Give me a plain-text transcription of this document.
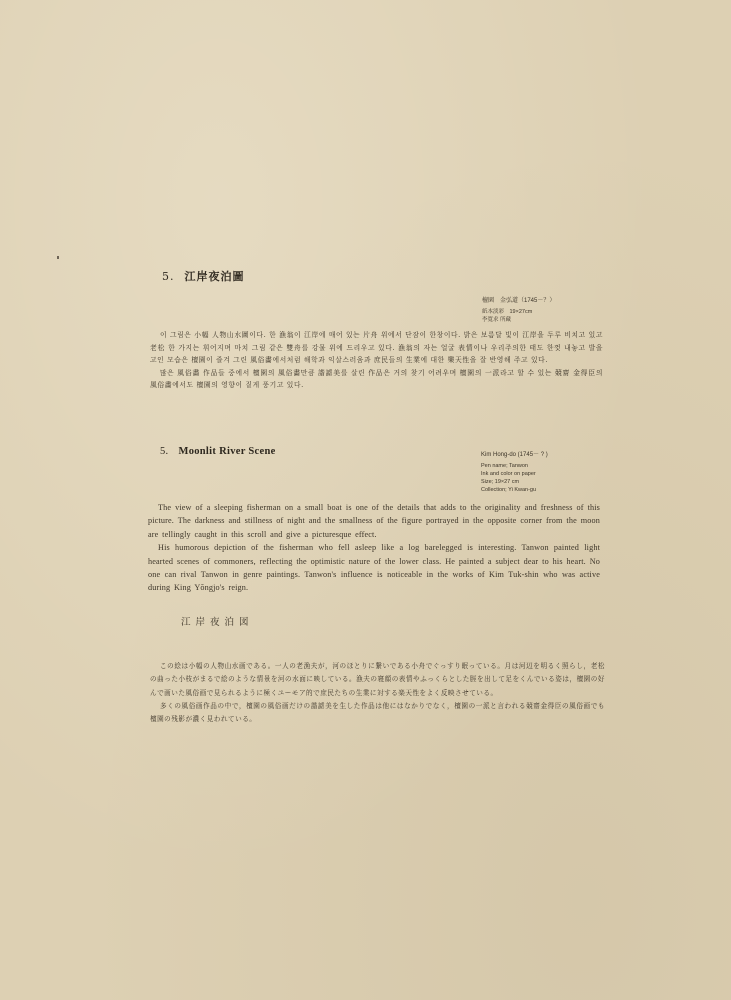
5. 江岸夜泊圖
檀園　金弘道（1745－？）
紙本淡彩　19×27cm
李寬求 所藏

이 그림은 小幅 人物山水圖이다. 한 漁翁이 江岸에 매어 있는 片舟 위에서 단잠이 한창이다. 밝은 보름달 빛이 江岸을 두루 비치고 있고 老松 한 가지는 휘어지며 마치 그림 같은 雙舟를 강물 위에 드리우고 있다. 漁翁의 자는 얼굴 表情이나 우리주의한 태도 한껏 내놓고 발을 고인 모습은 檀園이 즐겨 그린 風俗畵에서처럼 해학과 익살스러움과 庶民들의 生業에 대한 樂天性을 잘 반영해 주고 있다.

많은 風俗畵 作品들 중에서 檀園의 風俗畵만큼 諧謔美를 살린 作品은 거의 찾기 어려우며 檀園의 一派라고 할 수 있는 競齋 金得臣의 風俗畵에서도 檀園의 영향이 짙게 풍기고 있다.

5. Moonlit River Scene	Kim Hong-do (1745－ ? )
Pen name; Tanwon
Ink and color on paper
Size; 19×27 cm
Collection; Yi Kwan-gu

The view of a sleeping fisherman on a small boat is one of the details that adds to the originality and freshness of this picture. The darkness and stillness of night and the smallness of the figure portrayed in the opposite corner from the moon are tellingly caught in this scroll and give a picturesque effect.

His humorous depiction of the fisherman who fell asleep like a log barelegged is interesting. Tanwon painted light hearted scenes of commoners, reflecting the optimistic nature of the lower class. He painted a subject dear to his heart. No one can rival Tanwon in genre paintings. Tanwon's influence is noticeable in the works of Kim Tuk-shin who was active during King Yŏngjo's reign.

江岸夜泊図

この絵は小幅の人物山水画である。一人の老漁夫が，河のほとりに繋いである小舟でぐっすり眠っている。月は河辺を明るく照らし，老松の曲った小枝がまるで絵のような情景を河の水面に映している。漁夫の寝顔の表情やふっくらとした脛を出して足をくんでいる姿は，檀園の好んで画いた風俗画で見られるように極くユーモア的で庶民たちの生業に対する楽天性をよく反映させている。

多くの風俗画作品の中で，檀園の風俗画だけの諧謔美を生した作品は他にはなかりでなく，檀園の一派と言われる競齋金得臣の風俗画でも檀園の残影が濃く見われている。
